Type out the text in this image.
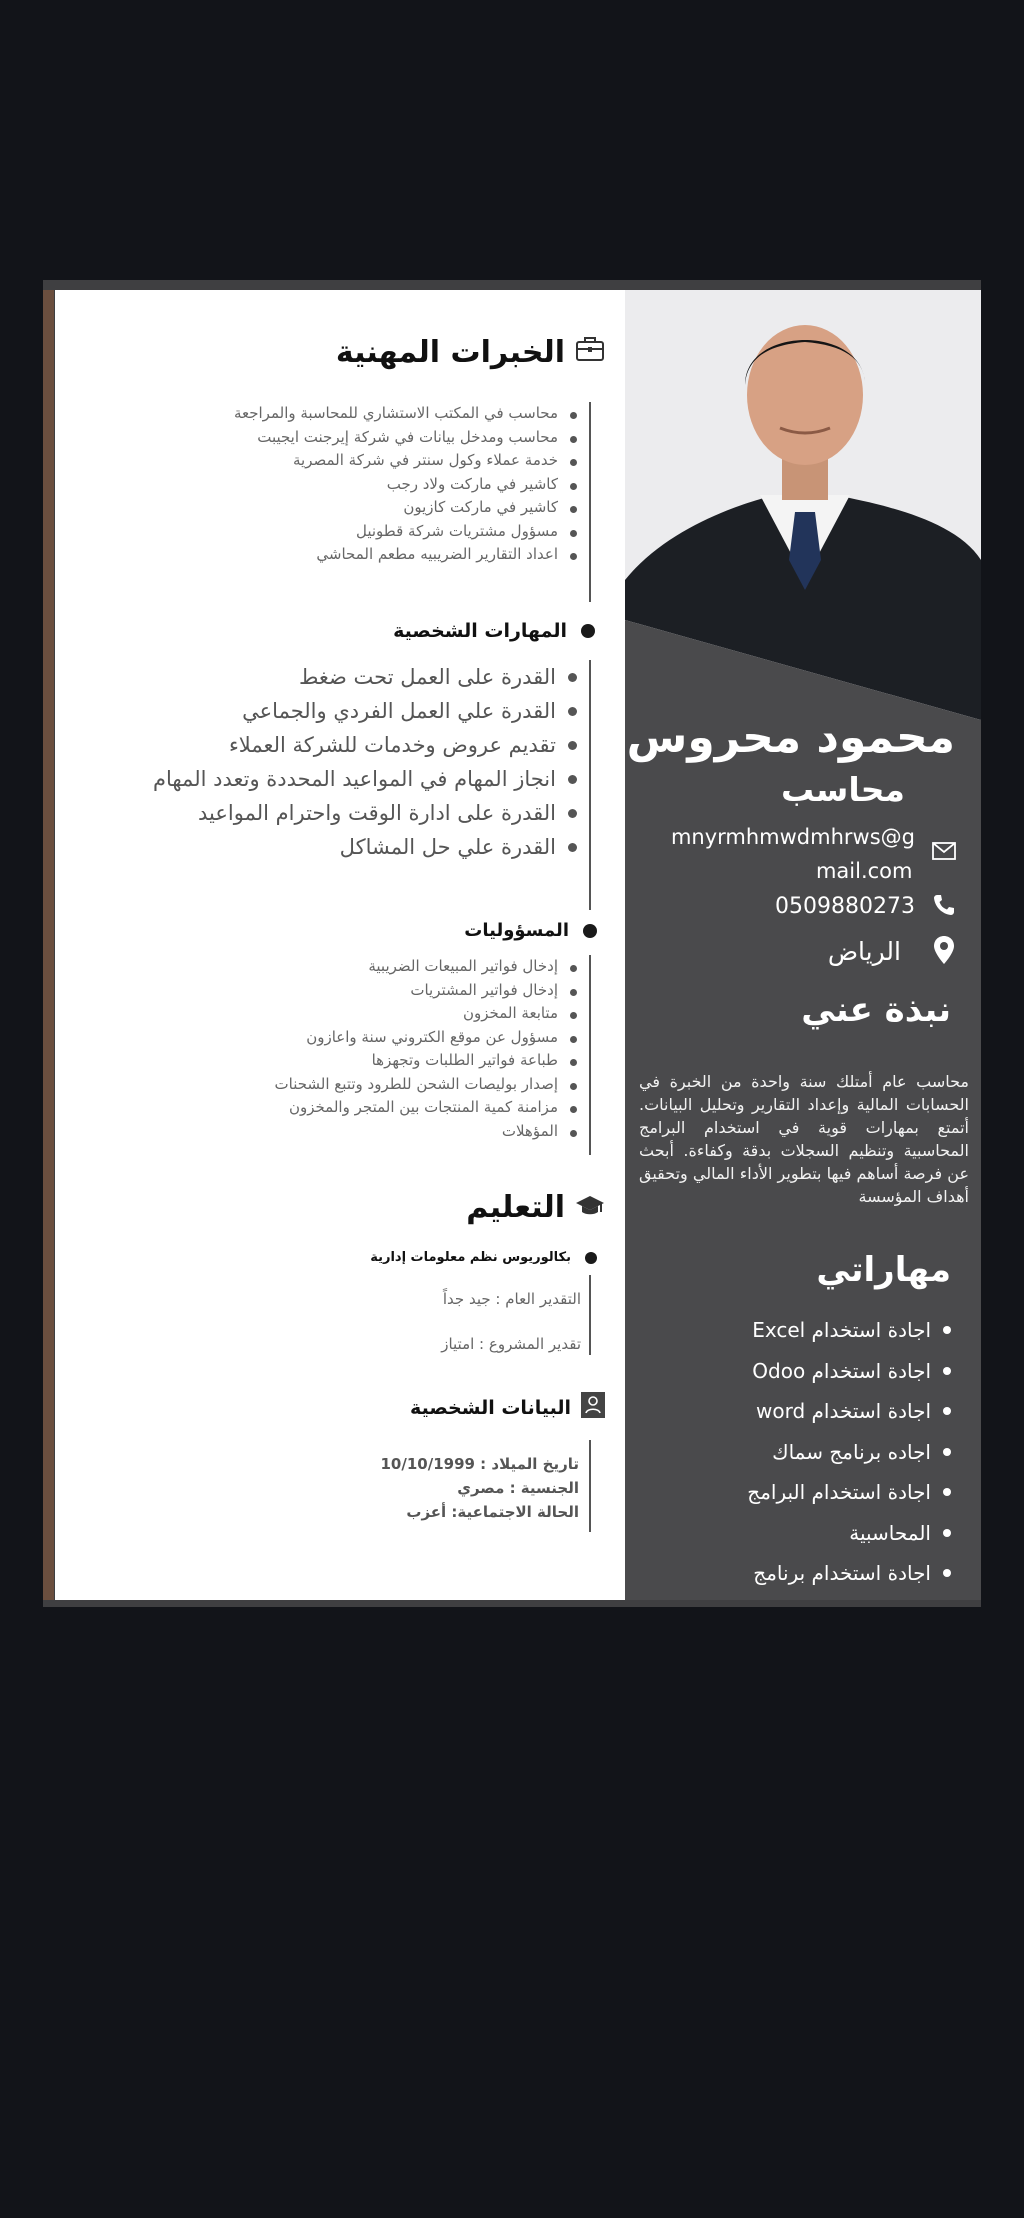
الخبرات المهنية
محاسب في المكتب الاستشاري للمحاسبة والمراجعة
محاسب ومدخل بيانات في شركة إيرجنت ايجيبت
خدمة عملاء وكول سنتر في شركة المصرية
كاشير في ماركت ولاد رجب
كاشير في ماركت كازيون
مسؤول مشتريات شركة قطونيل
اعداد التقارير الضريبيه مطعم المحاشي
المهارات الشخصية
القدرة على العمل تحت ضغط
القدرة علي العمل الفردي والجماعي
تقديم عروض وخدمات للشركة العملاء
انجاز المهام في المواعيد المحددة وتعدد المهام
القدرة على ادارة الوقت واحترام المواعيد
القدرة علي حل المشاكل
المسؤوليات
إدخال فواتير المبيعات الضريبية
إدخال فواتير المشتريات
متابعة المخزون
مسؤول عن موقع الكتروني سنة واعازون
طباعة فواتير الطلبات وتجهزها
إصدار بوليصات الشحن للطرود وتتبع الشحنات
مزامنة كمية المنتجات بين المتجر والمخزون
المؤهلات
التعليم
بكالوريوس نظم معلومات إدارية
التقدير العام : جيد جداً
تقدير المشروع : امتياز
البيانات الشخصية
تاريخ الميلاد : 10/10/1999
الجنسية : مصري
الحالة الاجتماعية: أعزب
محمود محروس
محاسب
mnyrmhmwdmhrws@g
mail.com
0509880273
الرياض
نبذة عني
محاسب عام أمتلك سنة واحدة من الخبرة في الحسابات المالية وإعداد التقارير وتحليل البيانات. أتمتع بمهارات قوية في استخدام البرامج المحاسبية وتنظيم السجلات بدقة وكفاءة. أبحث عن فرصة أساهم فيها بتطوير الأداء المالي وتحقيق أهداف المؤسسة
مهاراتي
اجادة استخدام Excel
اجادة استخدام Odoo
اجادة استخدام word
اجاده برنامج سماك
اجادة استخدام البرامج
المحاسبية
اجادة استخدام برنامج
